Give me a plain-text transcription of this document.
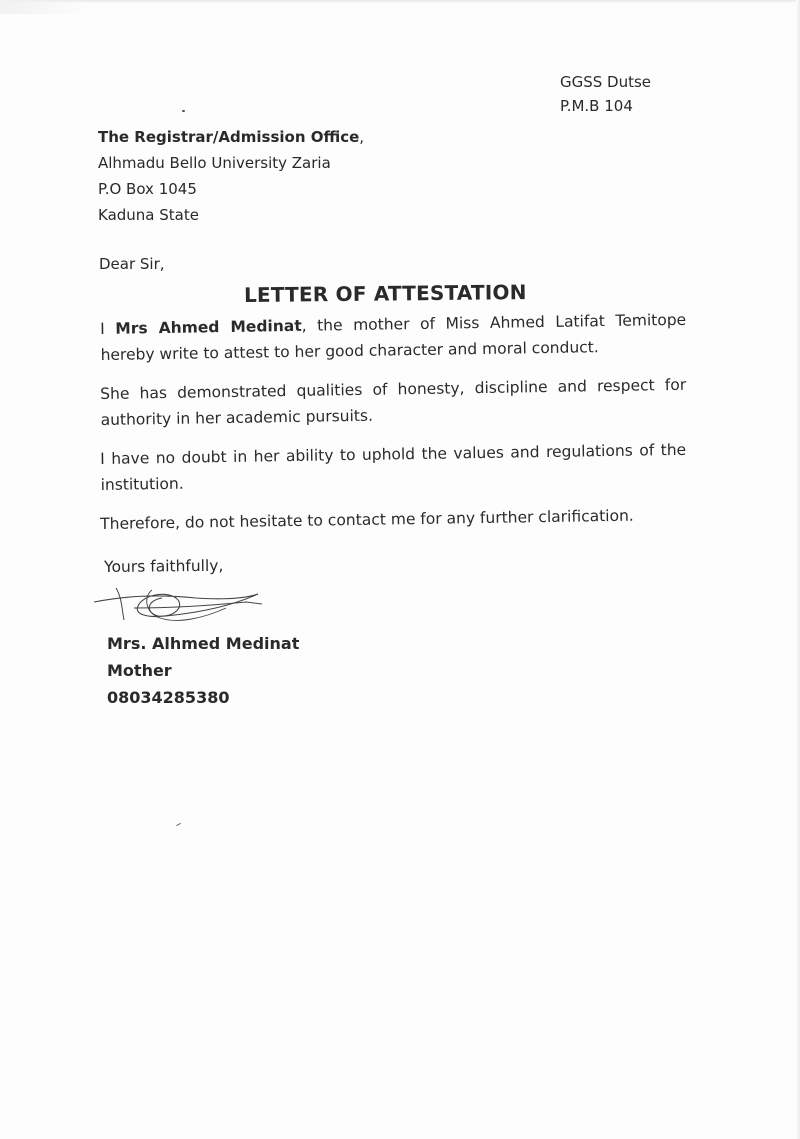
GGSS Dutse
P.M.B 104
The Registrar/Admission Office,
Alhmadu Bello University Zaria
P.O Box 1045
Kaduna State
Dear Sir,
LETTER OF ATTESTATION
I Mrs Ahmed Medinat, the mother of Miss Ahmed Latifat Temitope hereby write to attest to her good character and moral conduct.
She has demonstrated qualities of honesty, discipline and respect for authority in her academic pursuits.
I have no doubt in her ability to uphold the values and regulations of the institution.
Therefore, do not hesitate to contact me for any further clarification.
Yours faithfully,
Mrs. Alhmed Medinat
Mother
08034285380
